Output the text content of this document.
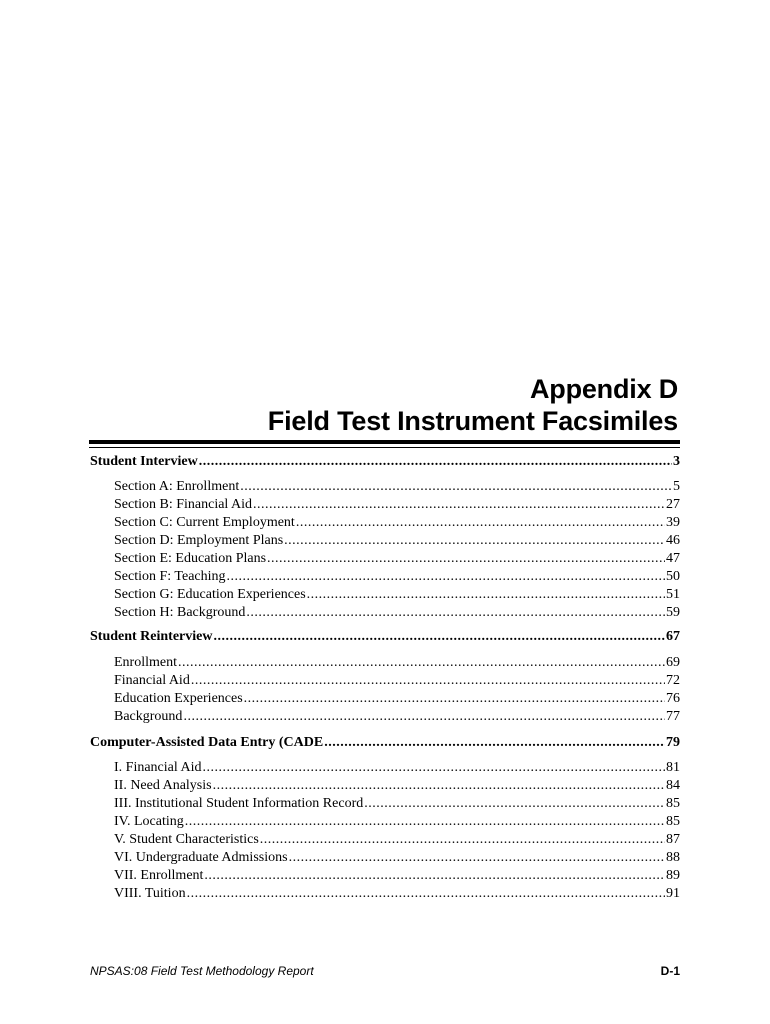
Appendix D
Field Test Instrument Facsimiles
Student Interview .....	3
Section A: Enrollment .....	5
Section B: Financial Aid .....	27
Section C: Current Employment .....	39
Section D: Employment Plans .....	46
Section E: Education Plans .....	47
Section F: Teaching .....	50
Section G: Education Experiences .....	51
Section H: Background .....	59
Student Reinterview .....	67
Enrollment .....	69
Financial Aid .....	72
Education Experiences .....	76
Background .....	77
Computer-Assisted Data Entry (CADE .....	79
I. Financial Aid .....	81
II. Need Analysis .....	84
III. Institutional Student Information Record .....	85
IV. Locating .....	85
V. Student Characteristics .....	87
VI. Undergraduate Admissions .....	88
VII. Enrollment .....	89
VIII. Tuition .....	91
NPSAS:08 Field Test Methodology Report	D-1
